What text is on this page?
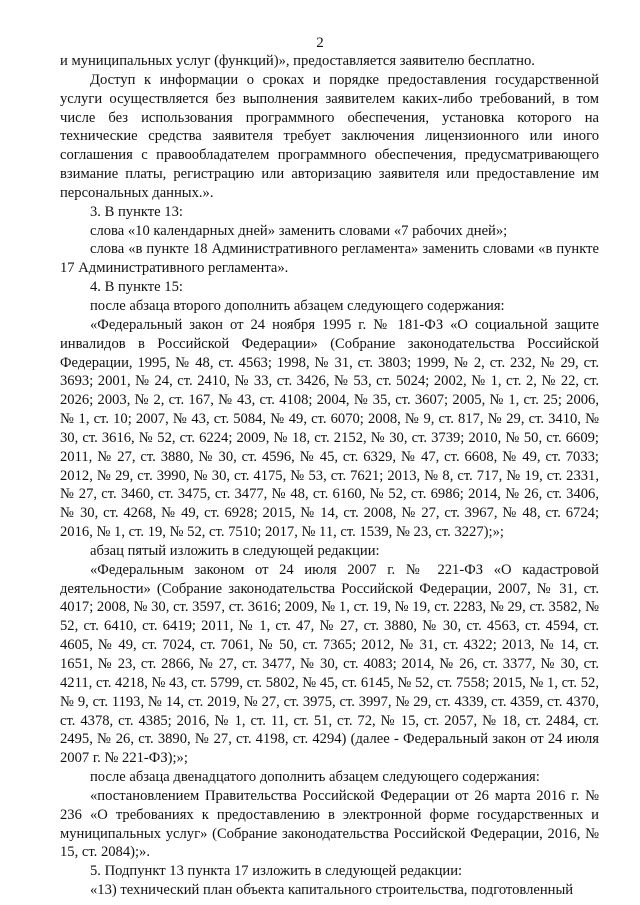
2

и муниципальных услуг (функций)», предоставляется заявителю бесплатно.

Доступ к информации о сроках и порядке предоставления государственной услуги осуществляется без выполнения заявителем каких-либо требований, в том числе без использования программного обеспечения, установка которого на технические средства заявителя требует заключения лицензионного или иного соглашения с правообладателем программного обеспечения, предусматривающего взимание платы, регистрацию или авторизацию заявителя или предоставление им персональных данных.».

3. В пункте 13:

слова «10 календарных дней» заменить словами «7 рабочих дней»;

слова «в пункте 18 Административного регламента» заменить словами «в пункте 17 Административного регламента».

4. В пункте 15:

после абзаца второго дополнить абзацем следующего содержания:

«Федеральный закон от 24 ноября 1995 г. № 181-ФЗ «О социальной защите инвалидов в Российской Федерации» (Собрание законодательства Российской Федерации, 1995, № 48, ст. 4563; 1998, № 31, ст. 3803; 1999, № 2, ст. 232, № 29, ст. 3693; 2001, № 24, ст. 2410, № 33, ст. 3426, № 53, ст. 5024; 2002, № 1, ст. 2, № 22, ст. 2026; 2003, № 2, ст. 167, № 43, ст. 4108; 2004, № 35, ст. 3607; 2005, № 1, ст. 25; 2006, № 1, ст. 10; 2007, № 43, ст. 5084, № 49, ст. 6070; 2008, № 9, ст. 817, № 29, ст. 3410, № 30, ст. 3616, № 52, ст. 6224; 2009, № 18, ст. 2152, № 30, ст. 3739; 2010, № 50, ст. 6609; 2011, № 27, ст. 3880, № 30, ст. 4596, № 45, ст. 6329, № 47, ст. 6608, № 49, ст. 7033; 2012, № 29, ст. 3990, № 30, ст. 4175, № 53, ст. 7621; 2013, № 8, ст. 717, № 19, ст. 2331, № 27, ст. 3460, ст. 3475, ст. 3477, № 48, ст. 6160, № 52, ст. 6986; 2014, № 26, ст. 3406, № 30, ст. 4268, № 49, ст. 6928; 2015, № 14, ст. 2008, № 27, ст. 3967, № 48, ст. 6724; 2016, № 1, ст. 19, № 52, ст. 7510; 2017, № 11, ст. 1539, № 23, ст. 3227);»;

абзац пятый изложить в следующей редакции:

«Федеральным законом от 24 июля 2007 г. № 221-ФЗ «О кадастровой деятельности» (Собрание законодательства Российской Федерации, 2007, № 31, ст. 4017; 2008, № 30, ст. 3597, ст. 3616; 2009, № 1, ст. 19, № 19, ст. 2283, № 29, ст. 3582, № 52, ст. 6410, ст. 6419; 2011, № 1, ст. 47, № 27, ст. 3880, № 30, ст. 4563, ст. 4594, ст. 4605, № 49, ст. 7024, ст. 7061, № 50, ст. 7365; 2012, № 31, ст. 4322; 2013, № 14, ст. 1651, № 23, ст. 2866, № 27, ст. 3477, № 30, ст. 4083; 2014, № 26, ст. 3377, № 30, ст. 4211, ст. 4218, № 43, ст. 5799, ст. 5802, № 45, ст. 6145, № 52, ст. 7558; 2015, № 1, ст. 52, № 9, ст. 1193, № 14, ст. 2019, № 27, ст. 3975, ст. 3997, № 29, ст. 4339, ст. 4359, ст. 4370, ст. 4378, ст. 4385; 2016, № 1, ст. 11, ст. 51, ст. 72, № 15, ст. 2057, № 18, ст. 2484, ст. 2495, № 26, ст. 3890, № 27, ст. 4198, ст. 4294) (далее - Федеральный закон от 24 июля 2007 г. № 221-ФЗ);»;

после абзаца двенадцатого дополнить абзацем следующего содержания:

«постановлением Правительства Российской Федерации от 26 марта 2016 г. № 236 «О требованиях к предоставлению в электронной форме государственных и муниципальных услуг» (Собрание законодательства Российской Федерации, 2016, № 15, ст. 2084);».

5. Подпункт 13 пункта 17 изложить в следующей редакции:

«13) технический план объекта капитального строительства, подготовленный
